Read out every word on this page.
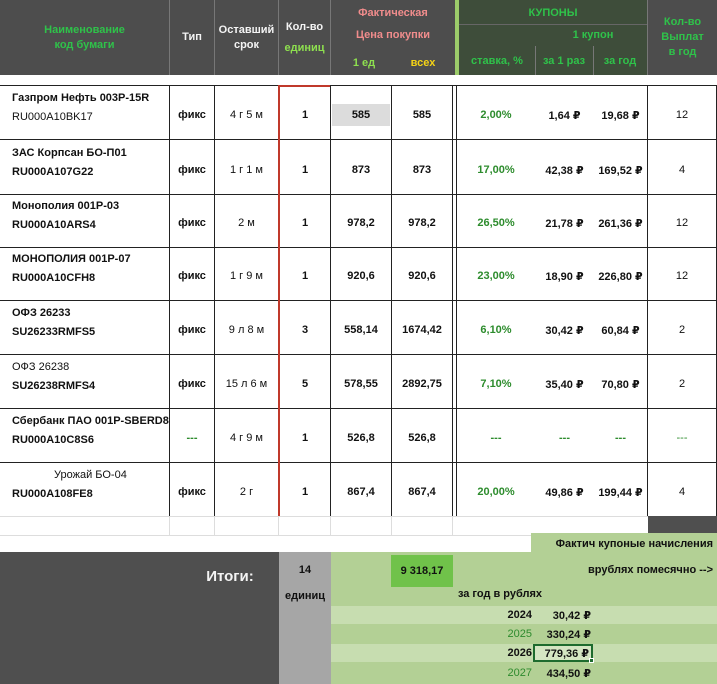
Наименование
код бумаги
Тип
Оставший
срок
Кол-во
единиц
Фактическая
Цена покупки
1 ед	всех
КУПОНЫ
1 купон
ставка, %	за 1 раз	за год
Кол-во
Выплат
в год
Газпром Нефть 003Р-15R
RU000A10BK17	фикс	4 г 5 м	1	585	585	2,00%	1,64 ₽	19,68 ₽	12
ЗАС Корпсан БО-П01
RU000A107G22	фикс	1 г 1 м	1	873	873	17,00%	42,38 ₽	169,52 ₽	4
Монополия 001Р-03
RU000A10ARS4	фикс	2 м	1	978,2	978,2	26,50%	21,78 ₽	261,36 ₽	12
МОНОПОЛИЯ 001Р-07
RU000A10CFH8	фикс	1 г 9 м	1	920,6	920,6	23,00%	18,90 ₽	226,80 ₽	12
ОФЗ 26233
SU26233RMFS5	фикс	9 л 8 м	3	558,14	1674,42	6,10%	30,42 ₽	60,84 ₽	2
ОФЗ 26238
SU26238RMFS4	фикс	15 л 6 м	5	578,55	2892,75	7,10%	35,40 ₽	70,80 ₽	2
Сбербанк ПАО 001Р-SBERD8
RU000A10C8S6	---	4 г 9 м	1	526,8	526,8	---	---	---	---
Урожай БО-04
RU000A108FE8	фикс	2 г	1	867,4	867,4	20,00%	49,86 ₽	199,44 ₽	4
Итоги:	14
единиц
9 318,17
Фактич купоные начисления
врублях помесячно -->
за год в рублях
2024	30,42 ₽
2025	330,24 ₽
2026	779,36 ₽
2027	434,50 ₽
